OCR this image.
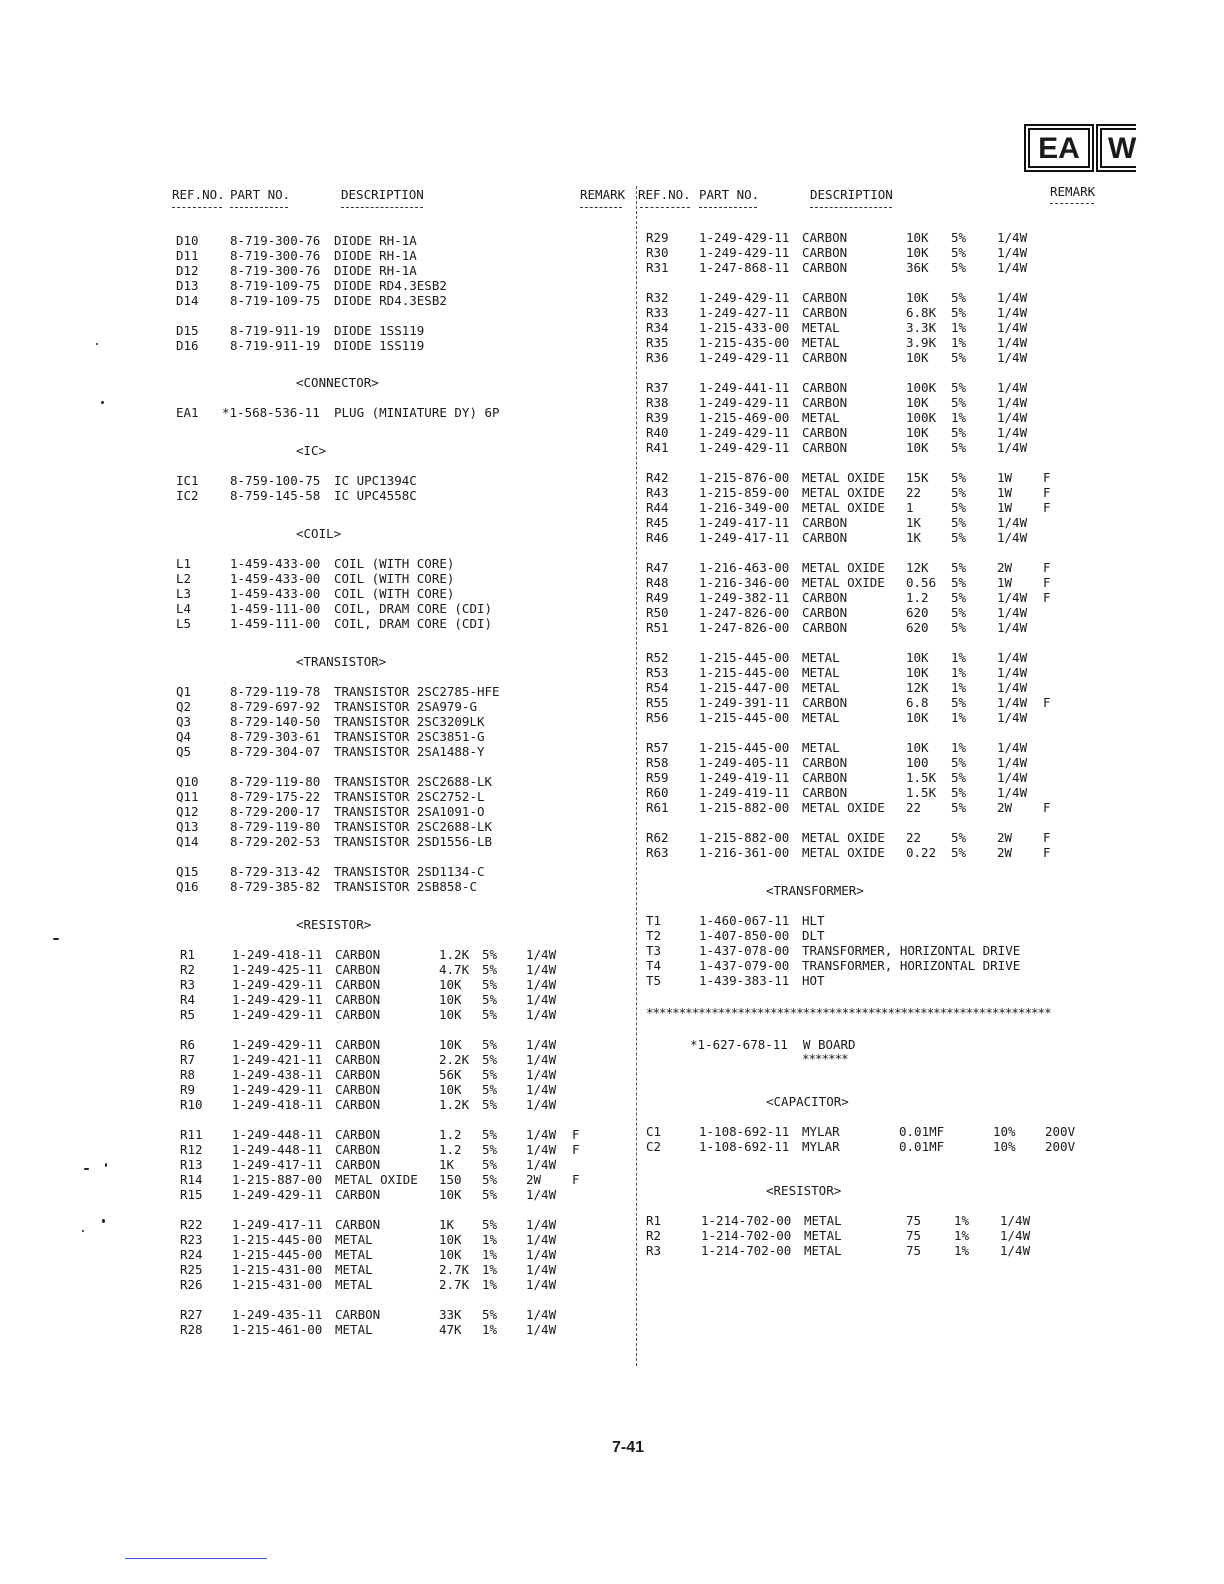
EA W
REF.NO. PART NO.	DESCRIPTION	REMARK REF.NO. PART NO.	DESCRIPTION	REMARK
D10	8-719-300-76 DIODE RH-1A
D11	8-719-300-76 DIODE RH-1A
D12	8-719-300-76 DIODE RH-1A
D13	8-719-109-75 DIODE RD4.3ESB2
D14	8-719-109-75 DIODE RD4.3ESB2
D15	8-719-911-19 DIODE 1SS119
D16	8-719-911-19 DIODE 1SS119
<CONNECTOR>
EA1 *1-568-536-11 PLUG (MINIATURE DY) 6P
<IC>
IC1	8-759-100-75 IC UPC1394C
IC2	8-759-145-58 IC UPC4558C
<COIL>
L1	1-459-433-00 COIL (WITH CORE)
L2	1-459-433-00 COIL (WITH CORE)
L3	1-459-433-00 COIL (WITH CORE)
L4	1-459-111-00 COIL, DRAM CORE (CDI)
L5	1-459-111-00 COIL, DRAM CORE (CDI)
<TRANSISTOR>
Q1	8-729-119-78 TRANSISTOR 2SC2785-HFE
Q2	8-729-697-92 TRANSISTOR 2SA979-G
Q3	8-729-140-50 TRANSISTOR 2SC3209LK
Q4	8-729-303-61 TRANSISTOR 2SC3851-G
Q5	8-729-304-07 TRANSISTOR 2SA1488-Y
Q10	8-729-119-80 TRANSISTOR 2SC2688-LK
Q11	8-729-175-22 TRANSISTOR 2SC2752-L
Q12	8-729-200-17 TRANSISTOR 2SA1091-O
Q13	8-729-119-80 TRANSISTOR 2SC2688-LK
Q14	8-729-202-53 TRANSISTOR 2SD1556-LB
Q15	8-729-313-42 TRANSISTOR 2SD1134-C
Q16	8-729-385-82 TRANSISTOR 2SB858-C
<RESISTOR>
R1	1-249-418-11 CARBON	1.2K 5% 1/4W
R2	1-249-425-11 CARBON	4.7K 5% 1/4W
R3	1-249-429-11 CARBON	10K 5% 1/4W
R4	1-249-429-11 CARBON	10K 5% 1/4W
R5	1-249-429-11 CARBON	10K 5% 1/4W
R6	1-249-429-11 CARBON	10K 5% 1/4W
R7	1-249-421-11 CARBON	2.2K 5% 1/4W
R8	1-249-438-11 CARBON	56K 5% 1/4W
R9	1-249-429-11 CARBON	10K 5% 1/4W
R10 1-249-418-11 CARBON	1.2K 5% 1/4W
R11 1-249-448-11 CARBON	1.2 5% 1/4W F
R12 1-249-448-11 CARBON	1.2 5% 1/4W F
R13 1-249-417-11 CARBON	1K 5% 1/4W
R14 1-215-887-00 METAL OXIDE 150 5% 2W F
R15 1-249-429-11 CARBON	10K 5% 1/4W
R22 1-249-417-11 CARBON	1K 5% 1/4W
R23 1-215-445-00 METAL	10K 1% 1/4W
R24 1-215-445-00 METAL	10K 1% 1/4W
R25 1-215-431-00 METAL	2.7K 1% 1/4W
R26 1-215-431-00 METAL	2.7K 1% 1/4W
R27 1-249-435-11 CARBON	33K 5% 1/4W
R28 1-215-461-00 METAL	47K 1% 1/4W
R29 1-249-429-11 CARBON	10K 5% 1/4W
R30 1-249-429-11 CARBON	10K 5% 1/4W
R31 1-247-868-11 CARBON	36K 5% 1/4W
R32 1-249-429-11 CARBON	10K 5% 1/4W
R33 1-249-427-11 CARBON	6.8K 5% 1/4W
R34 1-215-433-00 METAL	3.3K 1% 1/4W
R35 1-215-435-00 METAL	3.9K 1% 1/4W
R36 1-249-429-11 CARBON	10K 5% 1/4W
R37 1-249-441-11 CARBON	100K 5% 1/4W
R38 1-249-429-11 CARBON	10K 5% 1/4W
R39 1-215-469-00 METAL	100K 1% 1/4W
R40 1-249-429-11 CARBON	10K 5% 1/4W
R41 1-249-429-11 CARBON	10K 5% 1/4W
R42 1-215-876-00 METAL OXIDE 15K 5% 1W F
R43 1-215-859-00 METAL OXIDE 22 5% 1W F
R44 1-216-349-00 METAL OXIDE 1	5% 1W F
R45 1-249-417-11 CARBON	1K 5% 1/4W
R46 1-249-417-11 CARBON	1K 5% 1/4W
R47 1-216-463-00 METAL OXIDE 12K 5% 2W F
R48 1-216-346-00 METAL OXIDE 0.56 5% 1W F
R49 1-249-382-11 CARBON	1.2 5% 1/4W F
R50 1-247-826-00 CARBON	620 5% 1/4W
R51 1-247-826-00 CARBON	620 5% 1/4W
R52 1-215-445-00 METAL	10K 1% 1/4W
R53 1-215-445-00 METAL	10K 1% 1/4W
R54 1-215-447-00 METAL	12K 1% 1/4W
R55 1-249-391-11 CARBON	6.8 5% 1/4W F
R56 1-215-445-00 METAL	10K 1% 1/4W
R57 1-215-445-00 METAL	10K 1% 1/4W
R58 1-249-405-11 CARBON	100 5% 1/4W
R59 1-249-419-11 CARBON	1.5K 5% 1/4W
R60 1-249-419-11 CARBON	1.5K 5% 1/4W
R61 1-215-882-00 METAL OXIDE 22 5% 2W F
R62 1-215-882-00 METAL OXIDE 22 5% 2W F
R63 1-216-361-00 METAL OXIDE 0.22 5% 2W F
<TRANSFORMER>
T1	1-460-067-11 HLT
T2	1-407-850-00 DLT
T3	1-437-078-00 TRANSFORMER, HORIZONTAL DRIVE
T4	1-437-079-00 TRANSFORMER, HORIZONTAL DRIVE
T5	1-439-383-11 HOT
**************************************************************
*1-627-678-11 W BOARD
*******
<CAPACITOR>
C1	1-108-692-11 MYLAR	0.01MF	10% 200V
C2	1-108-692-11 MYLAR	0.01MF	10% 200V
<RESISTOR>
R1	1-214-702-00 METAL	75	1% 1/4W
R2	1-214-702-00 METAL	75	1% 1/4W
R3	1-214-702-00 METAL	75	1% 1/4W
7-41
